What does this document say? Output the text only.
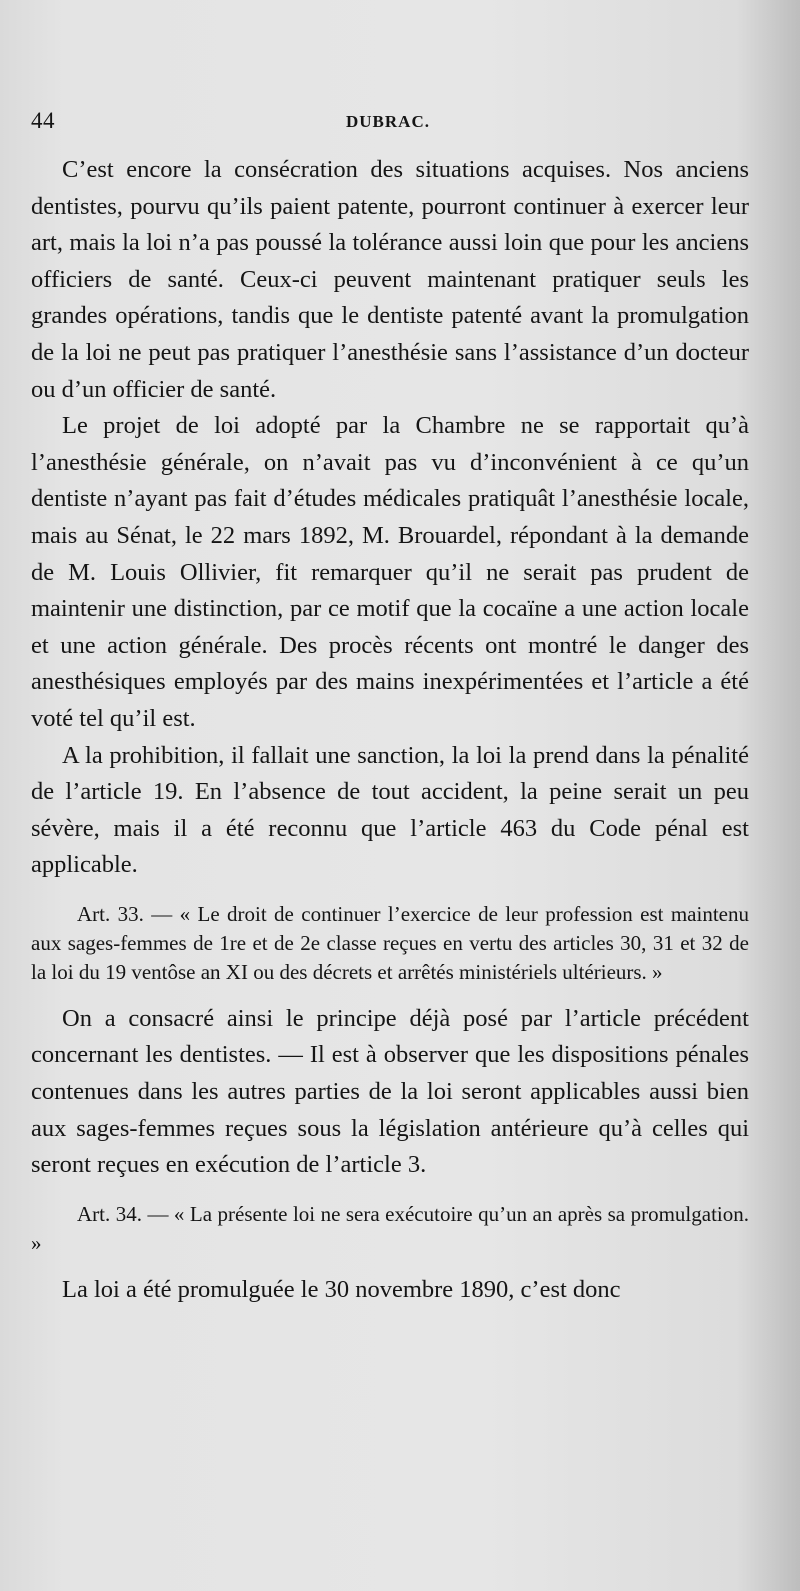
44	DUBRAC.

C’est encore la consécration des situations acquises. Nos anciens dentistes, pourvu qu’ils paient patente, pourront continuer à exercer leur art, mais la loi n’a pas poussé la tolérance aussi loin que pour les anciens officiers de santé. Ceux-ci peuvent maintenant pratiquer seuls les grandes opérations, tandis que le dentiste patenté avant la promulgation de la loi ne peut pas pratiquer l’anesthésie sans l’assistance d’un docteur ou d’un officier de santé.

Le projet de loi adopté par la Chambre ne se rapportait qu’à l’anesthésie générale, on n’avait pas vu d’inconvénient à ce qu’un dentiste n’ayant pas fait d’études médicales pratiquât l’anesthésie locale, mais au Sénat, le 22 mars 1892, M. Brouardel, répondant à la demande de M. Louis Ollivier, fit remarquer qu’il ne serait pas prudent de maintenir une distinction, par ce motif que la cocaïne a une action locale et une action générale. Des procès récents ont montré le danger des anesthésiques employés par des mains inexpérimentées et l’article a été voté tel qu’il est.

A la prohibition, il fallait une sanction, la loi la prend dans la pénalité de l’article 19. En l’absence de tout accident, la peine serait un peu sévère, mais il a été reconnu que l’article 463 du Code pénal est applicable.

Art. 33. — « Le droit de continuer l’exercice de leur profession est maintenu aux sages-femmes de 1re et de 2e classe reçues en vertu des articles 30, 31 et 32 de la loi du 19 ventôse an XI ou des décrets et arrêtés ministériels ultérieurs. »

On a consacré ainsi le principe déjà posé par l’article précédent concernant les dentistes. — Il est à observer que les dispositions pénales contenues dans les autres parties de la loi seront applicables aussi bien aux sages-femmes reçues sous la législation antérieure qu’à celles qui seront reçues en exécution de l’article 3.

Art. 34. — « La présente loi ne sera exécutoire qu’un an après sa promulgation. »

La loi a été promulguée le 30 novembre 1890, c’est donc
